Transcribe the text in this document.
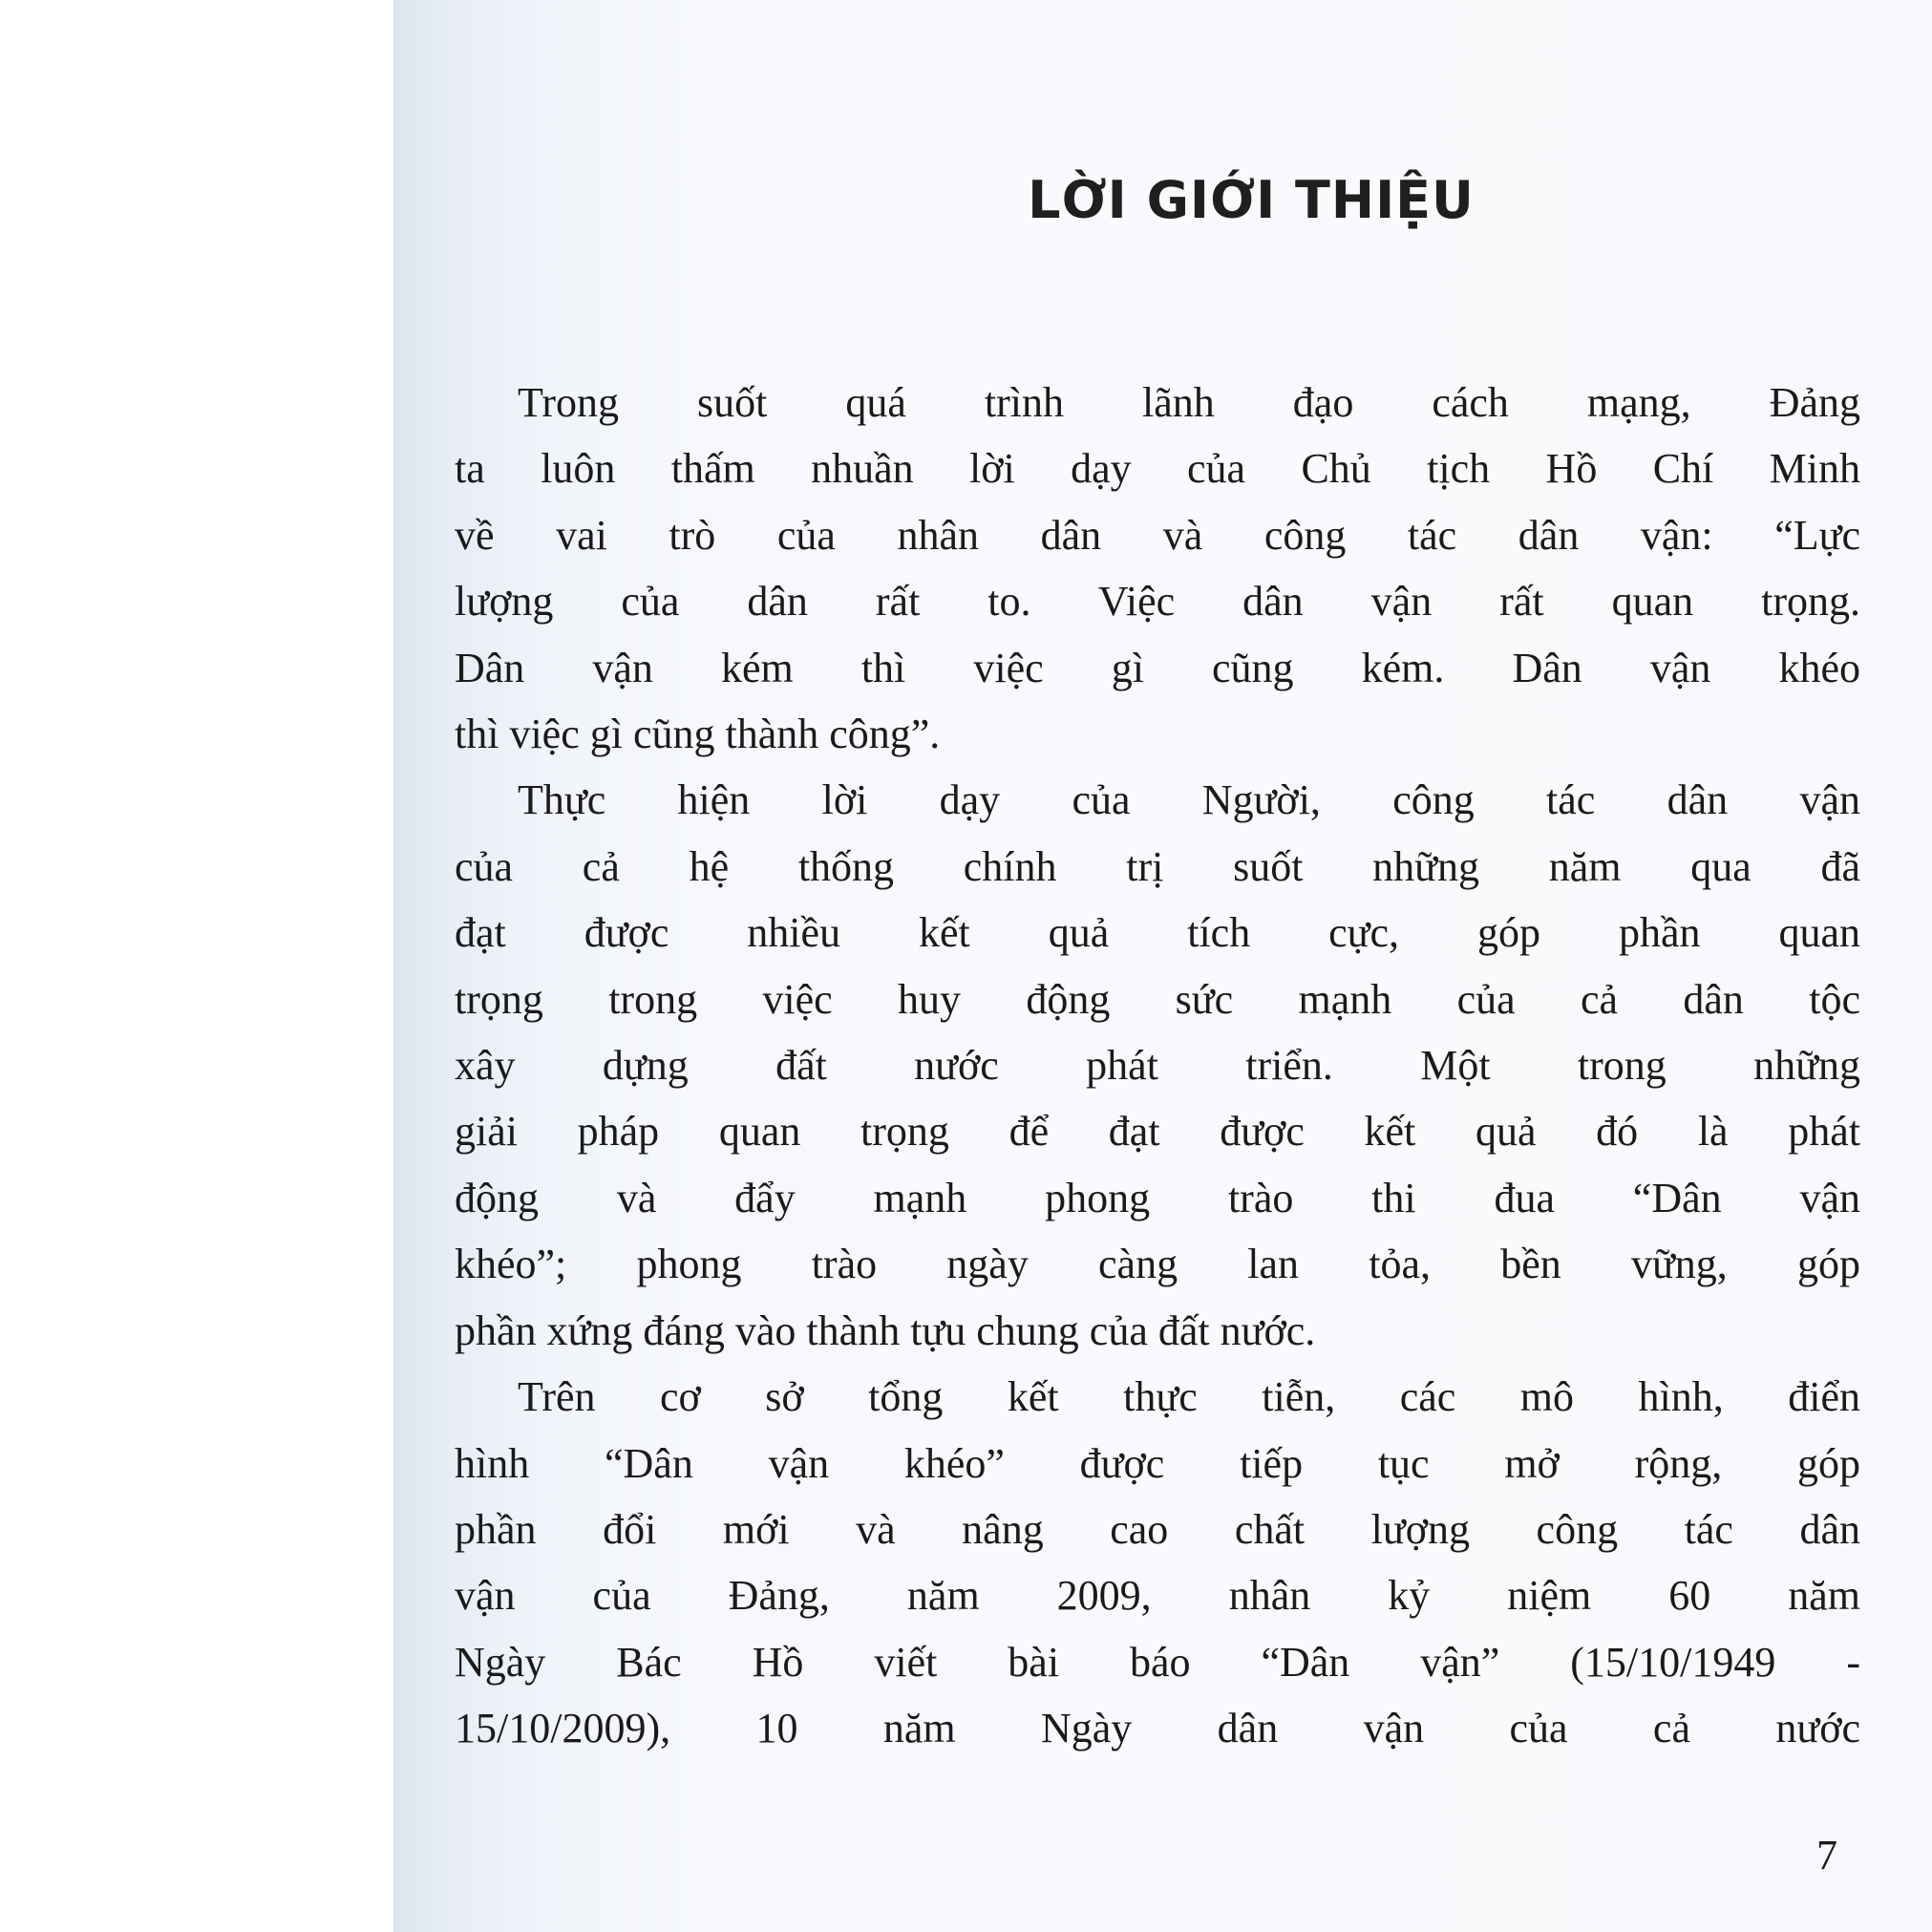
LỜI GIỚI THIỆU

Trong suốt quá trình lãnh đạo cách mạng, Đảng
ta luôn thấm nhuần lời dạy của Chủ tịch Hồ Chí Minh
về vai trò của nhân dân và công tác dân vận: “Lực
lượng của dân rất to. Việc dân vận rất quan trọng.
Dân vận kém thì việc gì cũng kém. Dân vận khéo
thì việc gì cũng thành công”.

Thực hiện lời dạy của Người, công tác dân vận
của cả hệ thống chính trị suốt những năm qua đã
đạt được nhiều kết quả tích cực, góp phần quan
trọng trong việc huy động sức mạnh của cả dân tộc
xây dựng đất nước phát triển. Một trong những
giải pháp quan trọng để đạt được kết quả đó là phát
động và đẩy mạnh phong trào thi đua “Dân vận
khéo”; phong trào ngày càng lan tỏa, bền vững, góp
phần xứng đáng vào thành tựu chung của đất nước.

Trên cơ sở tổng kết thực tiễn, các mô hình, điển
hình “Dân vận khéo” được tiếp tục mở rộng, góp
phần đổi mới và nâng cao chất lượng công tác dân
vận của Đảng, năm 2009, nhân kỷ niệm 60 năm
Ngày Bác Hồ viết bài báo “Dân vận” (15/10/1949 -
15/10/2009), 10 năm Ngày dân vận của cả nước

7
